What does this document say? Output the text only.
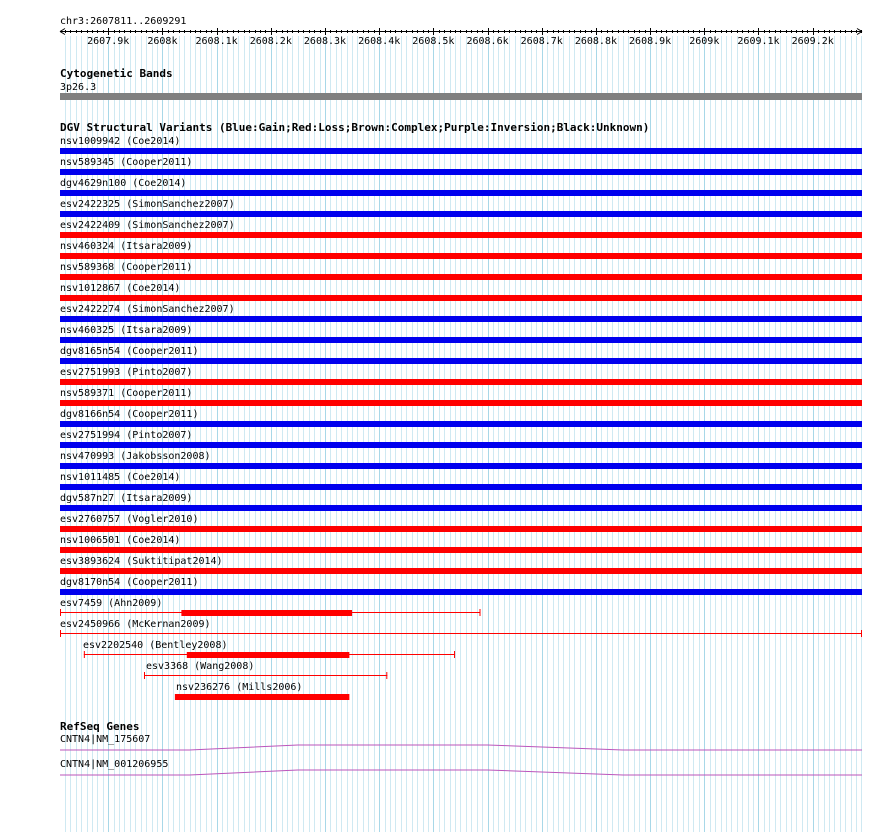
chr3:2607811..2609291
2607.9k 2608k 2608.1k 2608.2k 2608.3k 2608.4k 2608.5k 2608.6k 2608.7k 2608.8k 2608.9k 2609k 2609.1k 2609.2k
Cytogenetic Bands
3p26.3
DGV Structural Variants (Blue:Gain;Red:Loss;Brown:Complex;Purple:Inversion;Black:Unknown)
nsv1009942 (Coe2014)
nsv589345 (Cooper2011)
dgv4629n100 (Coe2014)
esv2422325 (SimonSanchez2007)
esv2422409 (SimonSanchez2007)
nsv460324 (Itsara2009)
nsv589368 (Cooper2011)
nsv1012867 (Coe2014)
esv2422274 (SimonSanchez2007)
nsv460325 (Itsara2009)
dgv8165n54 (Cooper2011)
esv2751993 (Pinto2007)
nsv589371 (Cooper2011)
dgv8166n54 (Cooper2011)
esv2751994 (Pinto2007)
nsv470993 (Jakobsson2008)
nsv1011485 (Coe2014)
dgv587n27 (Itsara2009)
esv2760757 (Vogler2010)
nsv1006501 (Coe2014)
esv3893624 (Suktitipat2014)
dgv8170n54 (Cooper2011)
esv7459 (Ahn2009)
esv2450966 (McKernan2009)
esv2202540 (Bentley2008)
esv3368 (Wang2008)
nsv236276 (Mills2006)
RefSeq Genes
CNTN4|NM_175607
CNTN4|NM_001206955
